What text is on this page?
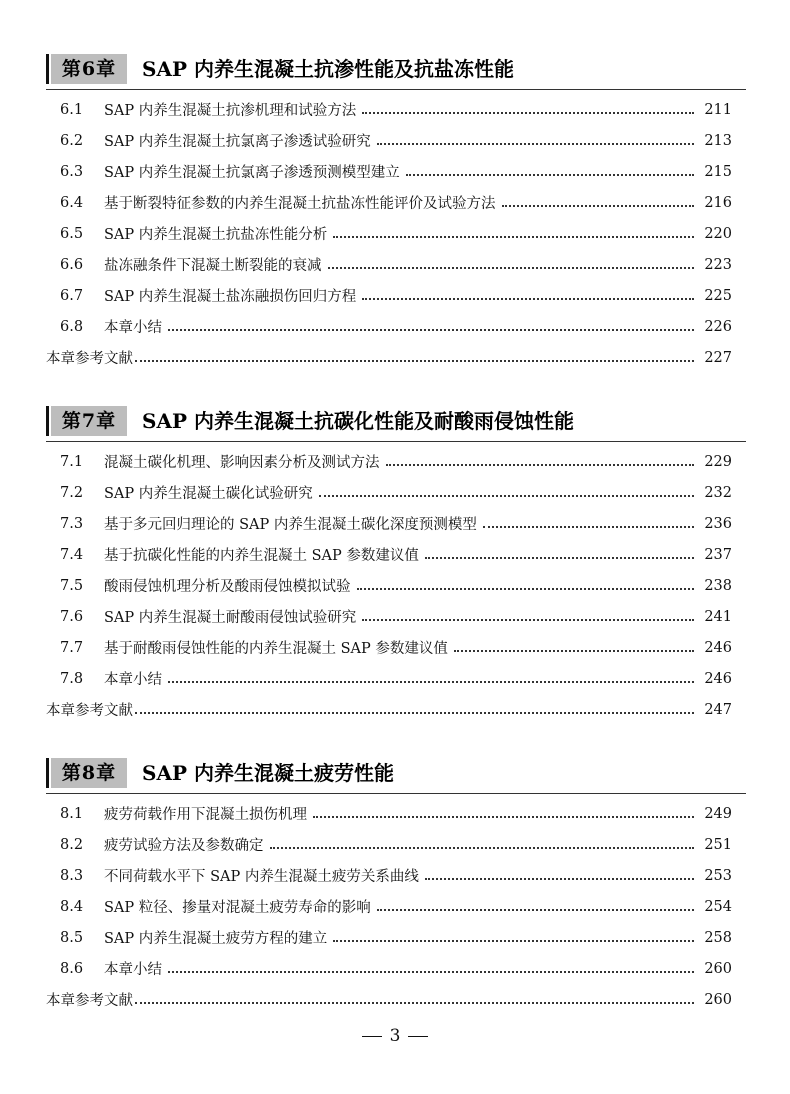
第6章	SAP 内养生混凝土抗渗性能及抗盐冻性能
6.1	SAP 内养生混凝土抗渗机理和试验方法	211
6.2	SAP 内养生混凝土抗氯离子渗透试验研究	213
6.3	SAP 内养生混凝土抗氯离子渗透预测模型建立	215
6.4	基于断裂特征参数的内养生混凝土抗盐冻性能评价及试验方法	216
6.5	SAP 内养生混凝土抗盐冻性能分析	220
6.6	盐冻融条件下混凝土断裂能的衰减	223
6.7	SAP 内养生混凝土盐冻融损伤回归方程	225
6.8	本章小结	226
本章参考文献	227
第7章	SAP 内养生混凝土抗碳化性能及耐酸雨侵蚀性能
7.1	混凝土碳化机理、影响因素分析及测试方法	229
7.2	SAP 内养生混凝土碳化试验研究	232
7.3	基于多元回归理论的 SAP 内养生混凝土碳化深度预测模型	236
7.4	基于抗碳化性能的内养生混凝土 SAP 参数建议值	237
7.5	酸雨侵蚀机理分析及酸雨侵蚀模拟试验	238
7.6	SAP 内养生混凝土耐酸雨侵蚀试验研究	241
7.7	基于耐酸雨侵蚀性能的内养生混凝土 SAP 参数建议值	246
7.8	本章小结	246
本章参考文献	247
第8章	SAP 内养生混凝土疲劳性能
8.1	疲劳荷载作用下混凝土损伤机理	249
8.2	疲劳试验方法及参数确定	251
8.3	不同荷载水平下 SAP 内养生混凝土疲劳关系曲线	253
8.4	SAP 粒径、掺量对混凝土疲劳寿命的影响	254
8.5	SAP 内养生混凝土疲劳方程的建立	258
8.6	本章小结	260
本章参考文献	260
3
